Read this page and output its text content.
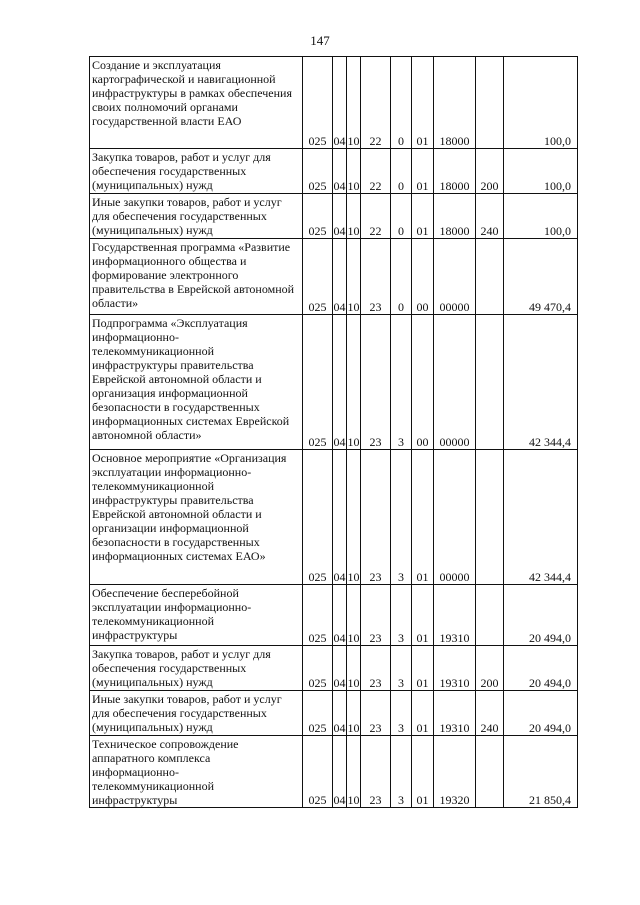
147
Создание и эксплуатация картографической и навигационной инфраструктуры в рамках обеспечения своих полномочий органами государственной власти ЕАО	025	04	10	22	0	01	18000		100,0

Закупка товаров, работ и услуг для обеспечения государственных (муниципальных) нужд	025	04	10	22	0	01	18000	200	100,0

Иные закупки товаров, работ и услуг для обеспечения государственных (муниципальных) нужд	025	04	10	22	0	01	18000	240	100,0

Государственная программа «Развитие информационного общества и формирование электронного правительства в Еврейской автономной области»	025	04	10	23	0	00	00000		49 470,4

Подпрограмма «Эксплуатация информационно-телекоммуникационной инфраструктуры правительства Еврейской автономной области и организация информационной безопасности в государственных информационных системах Еврейской автономной области»	025	04	10	23	3	00	00000		42 344,4

Основное мероприятие «Организация эксплуатации информационно-телекоммуникационной инфраструктуры правительства Еврейской автономной области и организации информационной безопасности в государственных информационных системах ЕАО»	025	04	10	23	3	01	00000		42 344,4

Обеспечение бесперебойной эксплуатации информационно-телекоммуникационной инфраструктуры	025	04	10	23	3	01	19310		20 494,0

Закупка товаров, работ и услуг для обеспечения государственных (муниципальных) нужд	025	04	10	23	3	01	19310	200	20 494,0

Иные закупки товаров, работ и услуг для обеспечения государственных (муниципальных) нужд	025	04	10	23	3	01	19310	240	20 494,0

Техническое сопровождение аппаратного комплекса информационно-телекоммуникационной инфраструктуры	025	04	10	23	3	01	19320		21 850,4
